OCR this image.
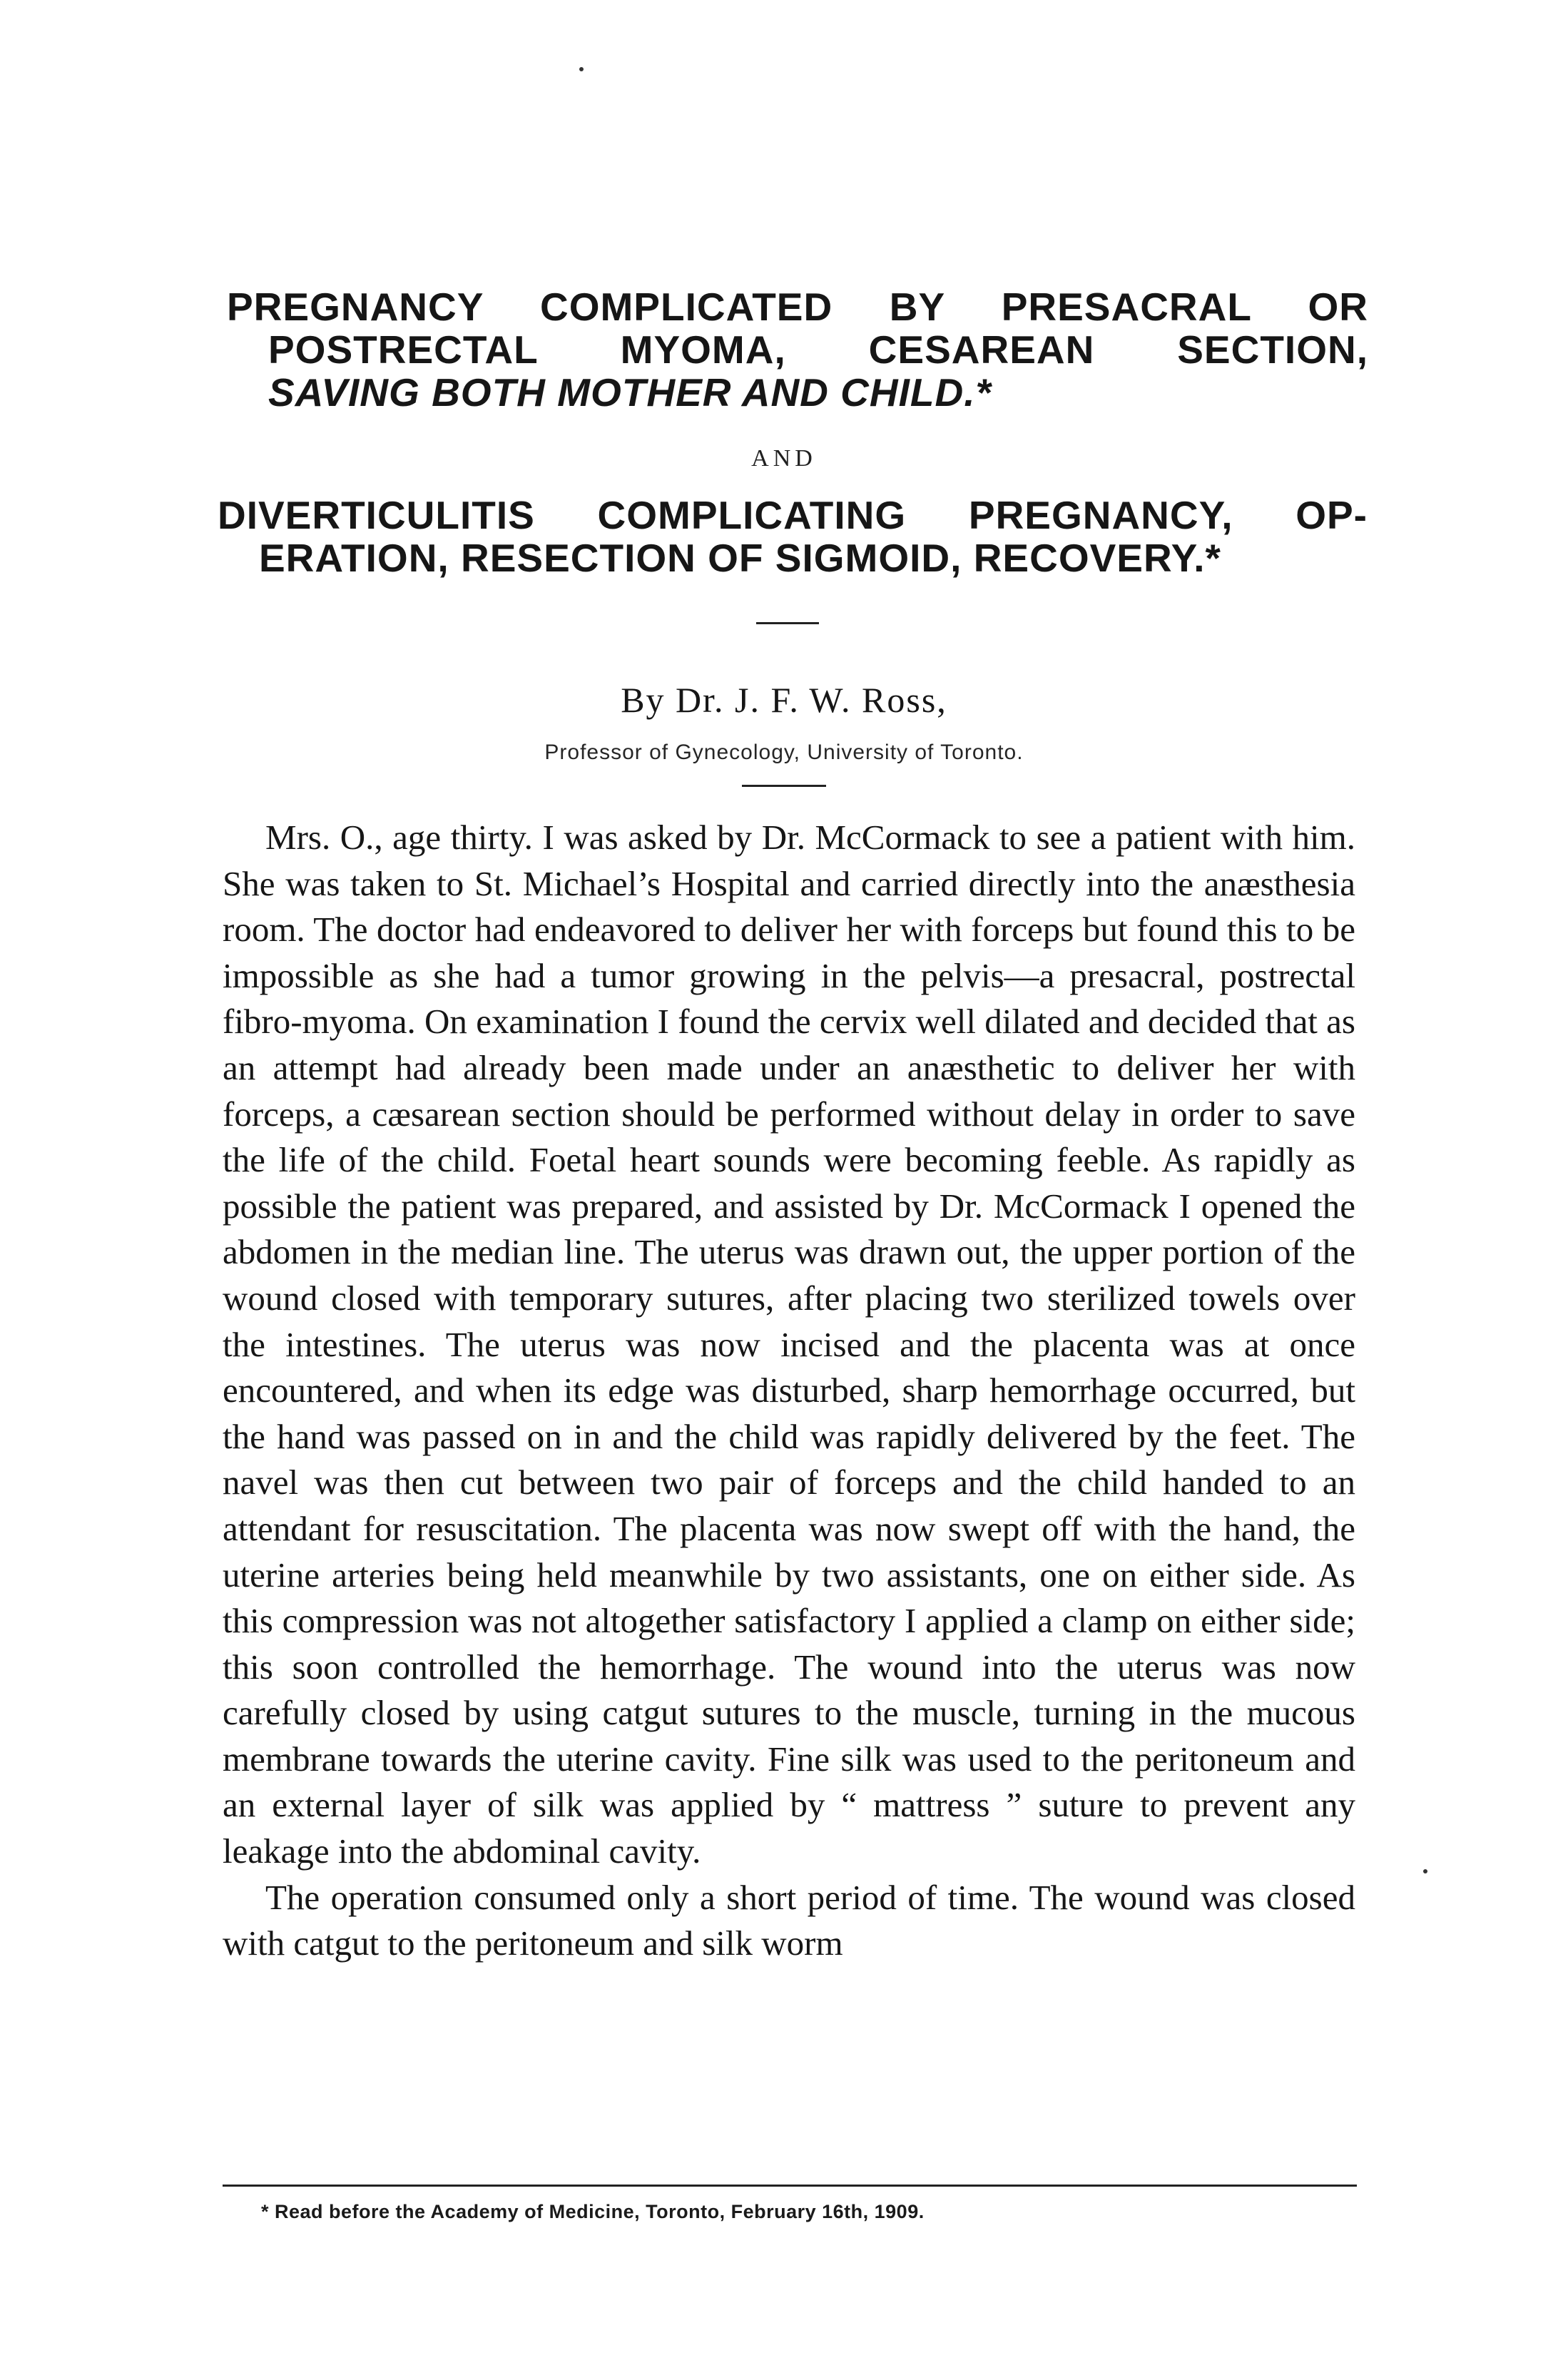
PREGNANCY COMPLICATED BY PRESACRAL OR
POSTRECTAL MYOMA, CESAREAN SECTION,
SAVING BOTH MOTHER AND CHILD.*
AND
DIVERTICULITIS COMPLICATING PREGNANCY, OP-
ERATION, RESECTION OF SIGMOID, RECOVERY.*
By Dr. J. F. W. Ross,
Professor of Gynecology, University of Toronto.

Mrs. O., age thirty. I was asked by Dr. McCormack to see a patient with him. She was taken to St. Michael’s Hospital and carried directly into the anæsthesia room. The doctor had endeavored to deliver her with forceps but found this to be impossible as she had a tumor growing in the pelvis—a presacral, postrectal fibro-myoma. On examination I found the cervix well dilated and decided that as an attempt had already been made under an anæsthetic to deliver her with forceps, a cæsarean section should be performed without delay in order to save the life of the child. Foetal heart sounds were becoming feeble. As rapidly as possible the patient was prepared, and assisted by Dr. McCormack I opened the abdomen in the median line. The uterus was drawn out, the upper portion of the wound closed with temporary sutures, after placing two sterilized towels over the intestines. The uterus was now incised and the placenta was at once encountered, and when its edge was disturbed, sharp hemorrhage occurred, but the hand was passed on in and the child was rapidly delivered by the feet. The navel was then cut between two pair of forceps and the child handed to an attendant for resuscitation. The placenta was now swept off with the hand, the uterine arteries being held meanwhile by two assistants, one on either side. As this compression was not altogether satisfactory I applied a clamp on either side; this soon controlled the hemorrhage. The wound into the uterus was now carefully closed by using catgut sutures to the muscle, turning in the mucous membrane towards the uterine cavity. Fine silk was used to the peritoneum and an external layer of silk was applied by “ mattress ” suture to prevent any leakage into the abdominal cavity.

The operation consumed only a short period of time. The wound was closed with catgut to the peritoneum and silk worm

* Read before the Academy of Medicine, Toronto, February 16th, 1909.
